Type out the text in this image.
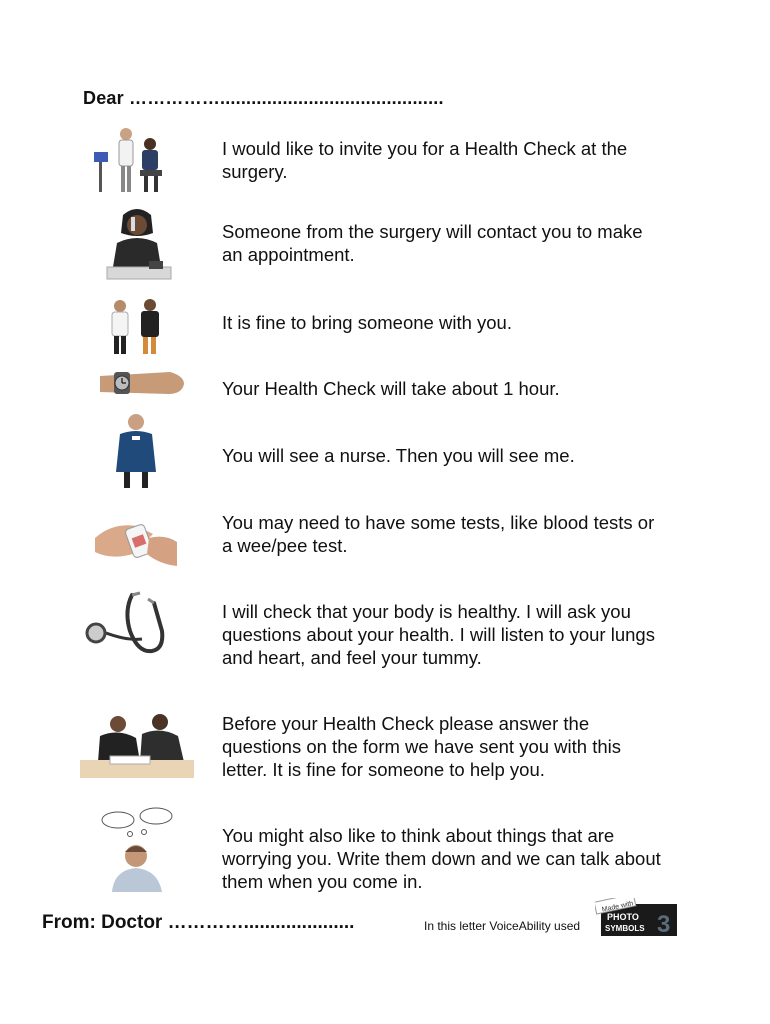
Dear ……………...........................................
I would like to invite you for a Health Check at the surgery.
Someone from the surgery will contact you to make an appointment.
It is fine to bring someone with you.
Your Health Check will take about 1 hour.
You will see a nurse. Then you will see me.
You may need to have some tests, like blood tests or a wee/pee test.
I will check that your body is healthy. I will ask you questions about your health. I will listen to your lungs and heart, and feel your tummy.
Before your Health Check please answer the questions on the form we have sent you with this letter. It is fine for someone to help you.
You might also like to think about things that are worrying you. Write them down and we can talk about them when you come in.
From: Doctor ………….....................	In this letter VoiceAbility used
Made with
PHOTO
SYMBOLS 3
